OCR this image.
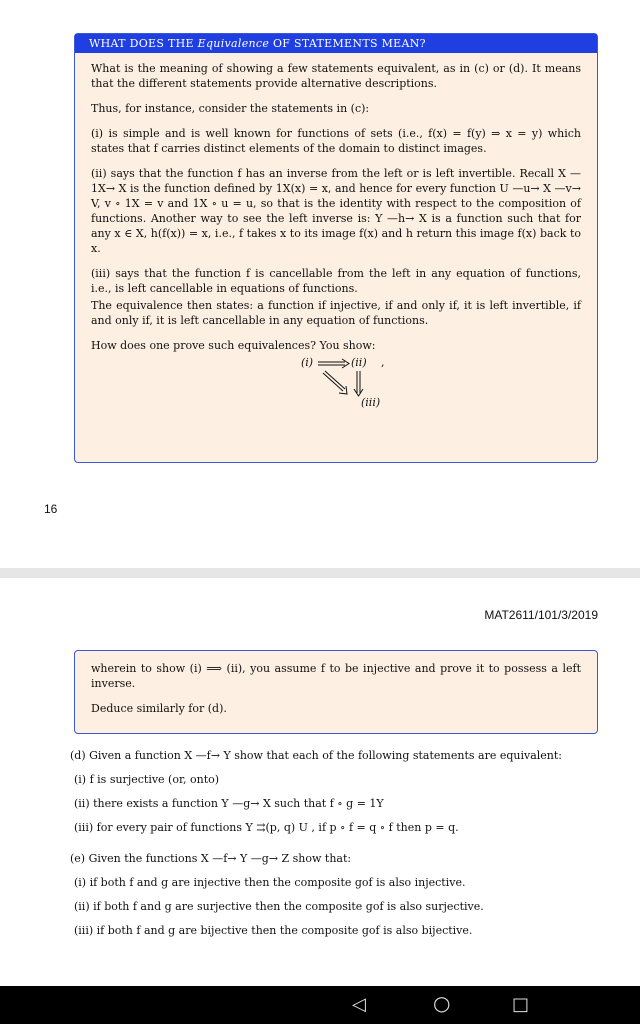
WHAT DOES THE Equivalence OF STATEMENTS MEAN?

What is the meaning of showing a few statements equivalent, as in (c) or (d). It means that the different statements provide alternative descriptions.

Thus, for instance, consider the statements in (c):

(i) is simple and is well known for functions of sets (i.e., f(x) = f(y) ⇒ x = y) which states that f carries distinct elements of the domain to distinct images.

(ii) says that the function f has an inverse from the left or is left invertible. Recall X —1X→ X is the function defined by 1X(x) = x, and hence for every function U —u→ X —v→ V, v ∘ 1X = v and 1X ∘ u = u, so that is the identity with respect to the composition of functions. Another way to see the left inverse is: Y —h→ X is a function such that for any x ∈ X, h(f(x)) = x, i.e., f takes x to its image f(x) and h return this image f(x) back to x.

(iii) says that the function f is cancellable from the left in any equation of functions, i.e., is left cancellable in equations of functions.

The equivalence then states: a function if injective, if and only if, it is left invertible, if and only if, it is left cancellable in any equation of functions.

How does one prove such equivalences? You show:

(i)	(ii) ,
(iii)
16
MAT2611/101/3/2019

wherein to show (i) ⟹ (ii), you assume f to be injective and prove it to possess a left inverse.

Deduce similarly for (d).

(d) Given a function X —f→ Y show that each of the following statements are equivalent:
(i) f is surjective (or, onto)
(ii) there exists a function Y —g→ X such that f ∘ g = 1Y
(iii) for every pair of functions Y ⇉(p, q) U , if p ∘ f = q ∘ f then p = q.
(e) Given the functions X —f→ Y —g→ Z show that:
(i) if both f and g are injective then the composite gof is also injective.
(ii) if both f and g are surjective then the composite gof is also surjective.
(iii) if both f and g are bijective then the composite gof is also bijective.
◁	○	□
